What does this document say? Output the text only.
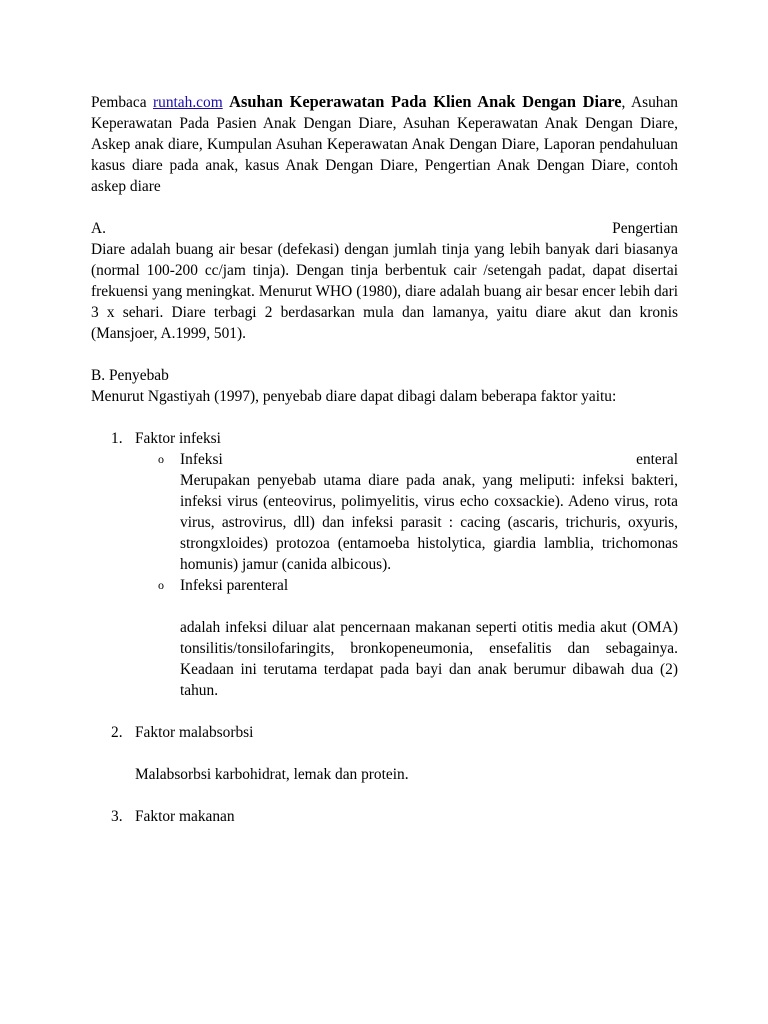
Pembaca runtah.com Asuhan Keperawatan Pada Klien Anak Dengan Diare, Asuhan Keperawatan Pada Pasien Anak Dengan Diare, Asuhan Keperawatan Anak Dengan Diare, Askep anak diare, Kumpulan Asuhan Keperawatan Anak Dengan Diare, Laporan pendahuluan kasus diare pada anak, kasus Anak Dengan Diare, Pengertian Anak Dengan Diare, contoh askep diare

A.	Pengertian

Diare adalah buang air besar (defekasi) dengan jumlah tinja yang lebih banyak dari biasanya (normal 100-200 cc/jam tinja). Dengan tinja berbentuk cair /setengah padat, dapat disertai frekuensi yang meningkat. Menurut WHO (1980), diare adalah buang air besar encer lebih dari 3 x sehari. Diare terbagi 2 berdasarkan mula dan lamanya, yaitu diare akut dan kronis (Mansjoer, A.1999, 501).

B. Penyebab

Menurut Ngastiyah (1997), penyebab diare dapat dibagi dalam beberapa faktor yaitu:

1. Faktor infeksi
o Infeksi	enteral

Merupakan penyebab utama diare pada anak, yang meliputi: infeksi bakteri, infeksi virus (enteovirus, polimyelitis, virus echo coxsackie). Adeno virus, rota virus, astrovirus, dll) dan infeksi parasit : cacing (ascaris, trichuris, oxyuris, strongxloides) protozoa (entamoeba histolytica, giardia lamblia, trichomonas homunis) jamur (canida albicous).

o Infeksi parenteral

adalah infeksi diluar alat pencernaan makanan seperti otitis media akut (OMA) tonsilitis/tonsilofaringits, bronkopeneumonia, ensefalitis dan sebagainya. Keadaan ini terutama terdapat pada bayi dan anak berumur dibawah dua (2) tahun.

2. Faktor malabsorbsi

Malabsorbsi karbohidrat, lemak dan protein.

3. Faktor makanan
